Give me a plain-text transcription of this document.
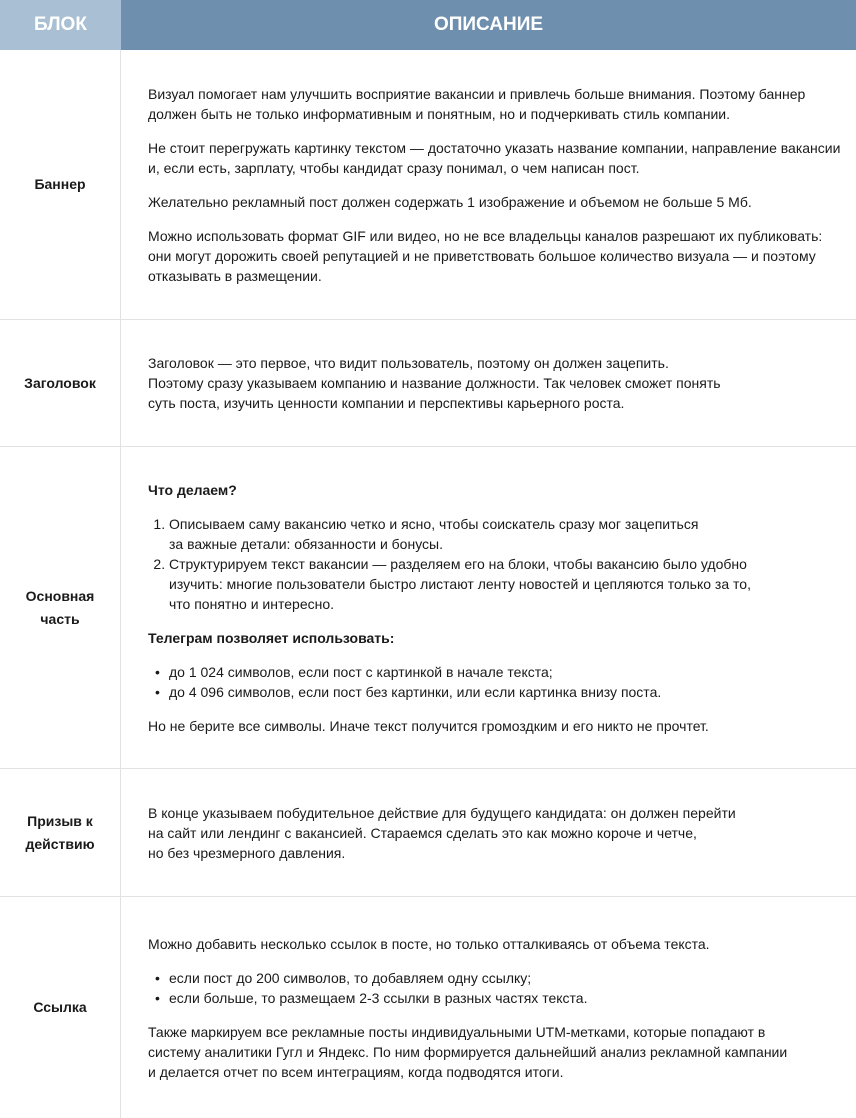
БЛОК	ОПИСАНИЕ
Баннер

Визуал помогает нам улучшить восприятие вакансии и привлечь больше внимания. Поэтому баннер должен быть не только информативным и понятным, но и подчеркивать стиль компании.

Не стоит перегружать картинку текстом — достаточно указать название компании, направление вакансии и, если есть, зарплату, чтобы кандидат сразу понимал, о чем написан пост.

Желательно рекламный пост должен содержать 1 изображение и объемом не больше 5 Мб.

Можно использовать формат GIF или видео, но не все владельцы каналов разрешают их публиковать: они могут дорожить своей репутацией и не приветствовать большое количество визуала — и поэтому отказывать в размещении.

Заголовок

Заголовок — это первое, что видит пользователь, поэтому он должен зацепить.
Поэтому сразу указываем компанию и название должности. Так человек сможет понять
суть поста, изучить ценности компании и перспективы карьерного роста.

Основная
часть

Что делаем?

1. Описываем саму вакансию четко и ясно, чтобы соискатель сразу мог зацепиться
за важные детали: обязанности и бонусы.
2. Структурируем текст вакансии — разделяем его на блоки, чтобы вакансию было удобно
изучить: многие пользователи быстро листают ленту новостей и цепляются только за то,
что понятно и интересно.

Телеграм позволяет использовать:

• до 1 024 символов, если пост с картинкой в начале текста;
• до 4 096 символов, если пост без картинки, или если картинка внизу поста.

Но не берите все символы. Иначе текст получится громоздким и его никто не прочтет.

Призыв к
действию

В конце указываем побудительное действие для будущего кандидата: он должен перейти
на сайт или лендинг с вакансией. Стараемся сделать это как можно короче и четче,
но без чрезмерного давления.

Ссылка

Можно добавить несколько ссылок в посте, но только отталкиваясь от объема текста.

• если пост до 200 символов, то добавляем одну ссылку;
• если больше, то размещаем 2-3 ссылки в разных частях текста.

Также маркируем все рекламные посты индивидуальными UTM-метками, которые попадают в
систему аналитики Гугл и Яндекс. По ним формируется дальнейший анализ рекламной кампании
и делается отчет по всем интеграциям, когда подводятся итоги.
